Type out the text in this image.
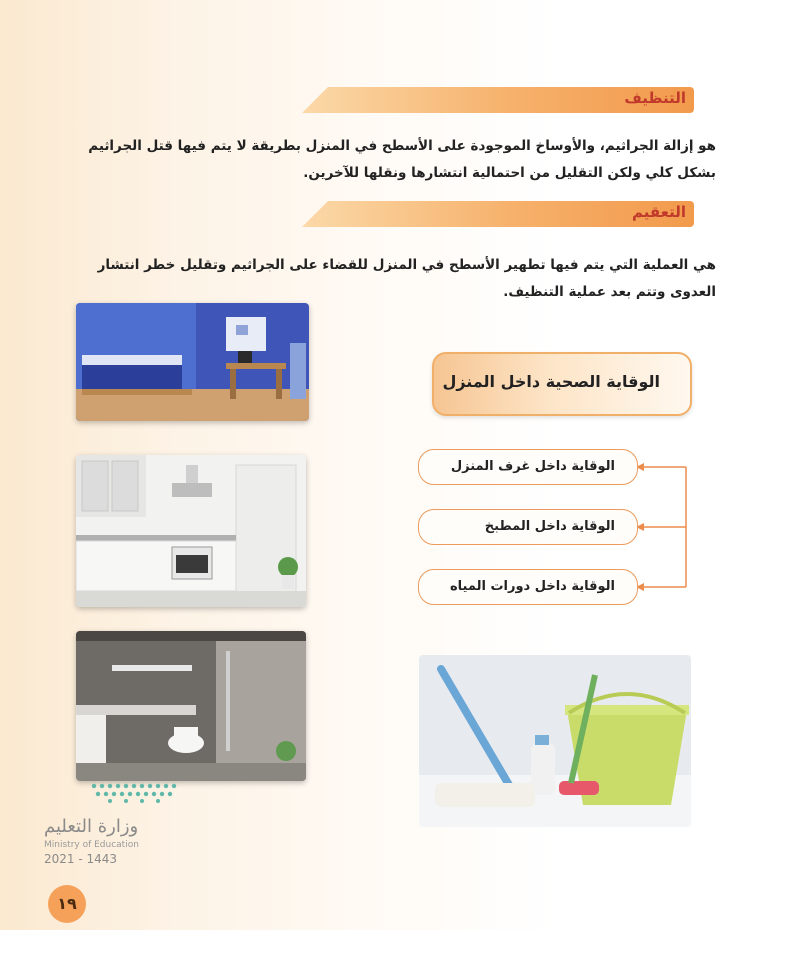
التنظيف
هو إزالة الجراثيم، والأوساخ الموجودة على الأسطح في المنزل بطريقة لا يتم فيها قتل الجراثيم
بشكل كلي ولكن التقليل من احتمالية انتشارها ونقلها للآخرين.
التعقيم
هي العملية التي يتم فيها تطهير الأسطح في المنزل للقضاء على الجراثيم وتقليل خطر انتشار
العدوى وتتم بعد عملية التنظيف.
الوقاية الصحية داخل المنزل
الوقاية داخل غرف المنزل
الوقاية داخل المطبخ
الوقاية داخل دورات المياه
وزارة التعليم
Ministry of Education
2021 - 1443
١٩
